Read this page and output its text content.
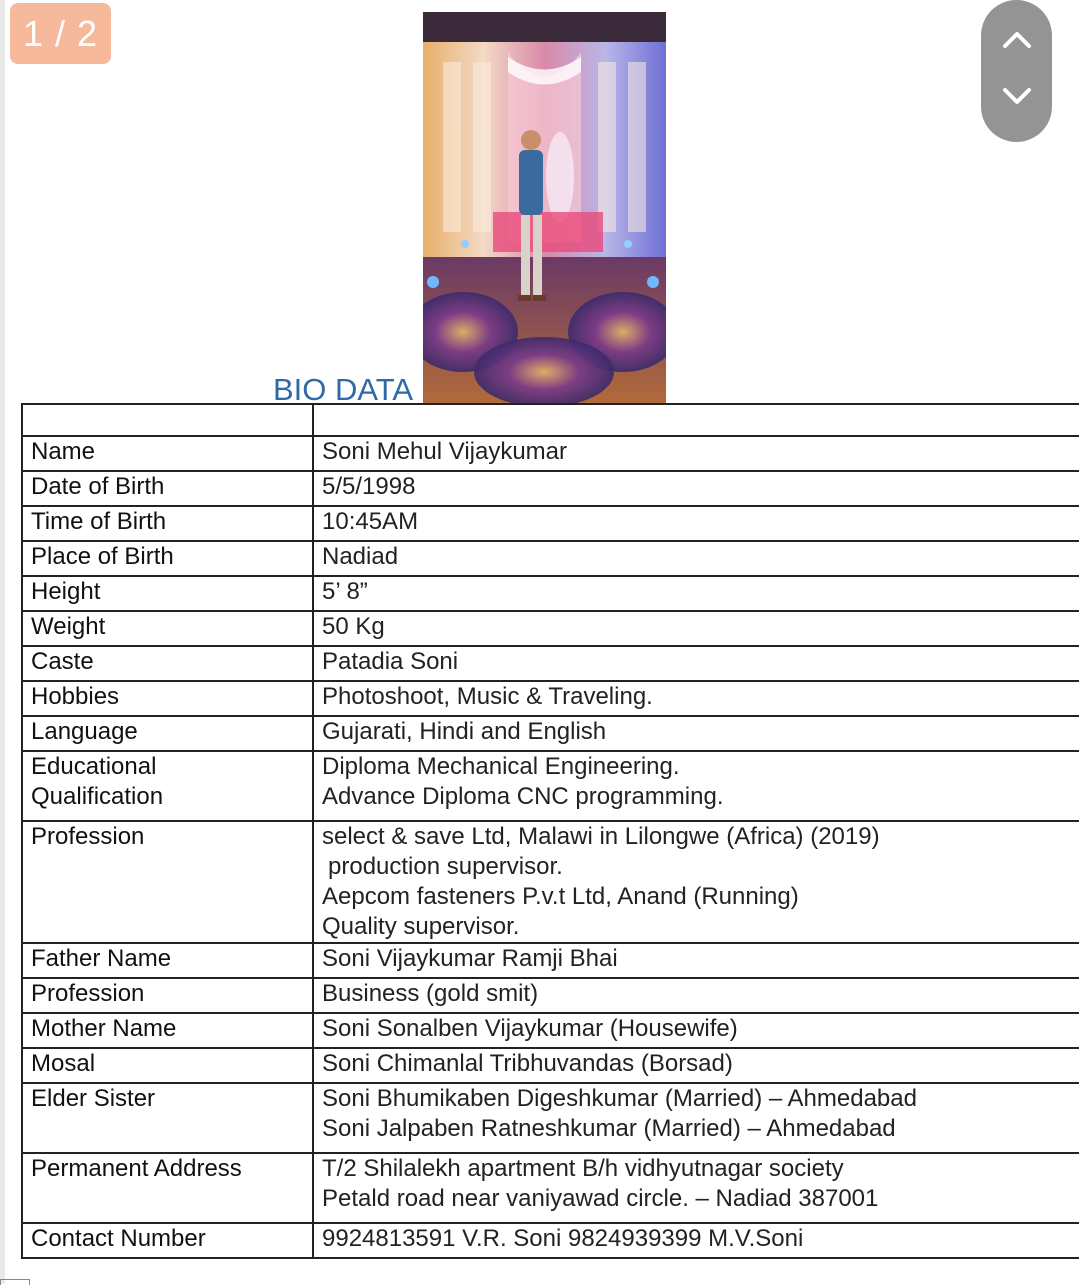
1 / 2
BIO DATA

Name	Soni Mehul Vijaykumar

Date of Birth	5/5/1998

Time of Birth	10:45AM

Place of Birth	Nadiad

Height	5’ 8”

Weight	50 Kg

Caste	Patadia Soni

Hobbies	Photoshoot, Music & Traveling.

Language	Gujarati, Hindi and English

Educational
Qualification	Diploma Mechanical Engineering.
Advance Diploma CNC programming.

Profession	select & save Ltd, Malawi in Lilongwe (Africa) (2019)
production supervisor.
Aepcom fasteners P.v.t Ltd, Anand (Running)
Quality supervisor.

Father Name	Soni Vijaykumar Ramji Bhai

Profession	Business (gold smit)

Mother Name	Soni Sonalben Vijaykumar (Housewife)

Mosal	Soni Chimanlal Tribhuvandas (Borsad)

Elder Sister	Soni Bhumikaben Digeshkumar (Married) – Ahmedabad
Soni Jalpaben Ratneshkumar (Married) – Ahmedabad

Permanent Address	T/2 Shilalekh apartment B/h vidhyutnagar society
Petald road near vaniyawad circle. – Nadiad 387001

Contact Number	9924813591 V.R. Soni 9824939399 M.V.Soni
